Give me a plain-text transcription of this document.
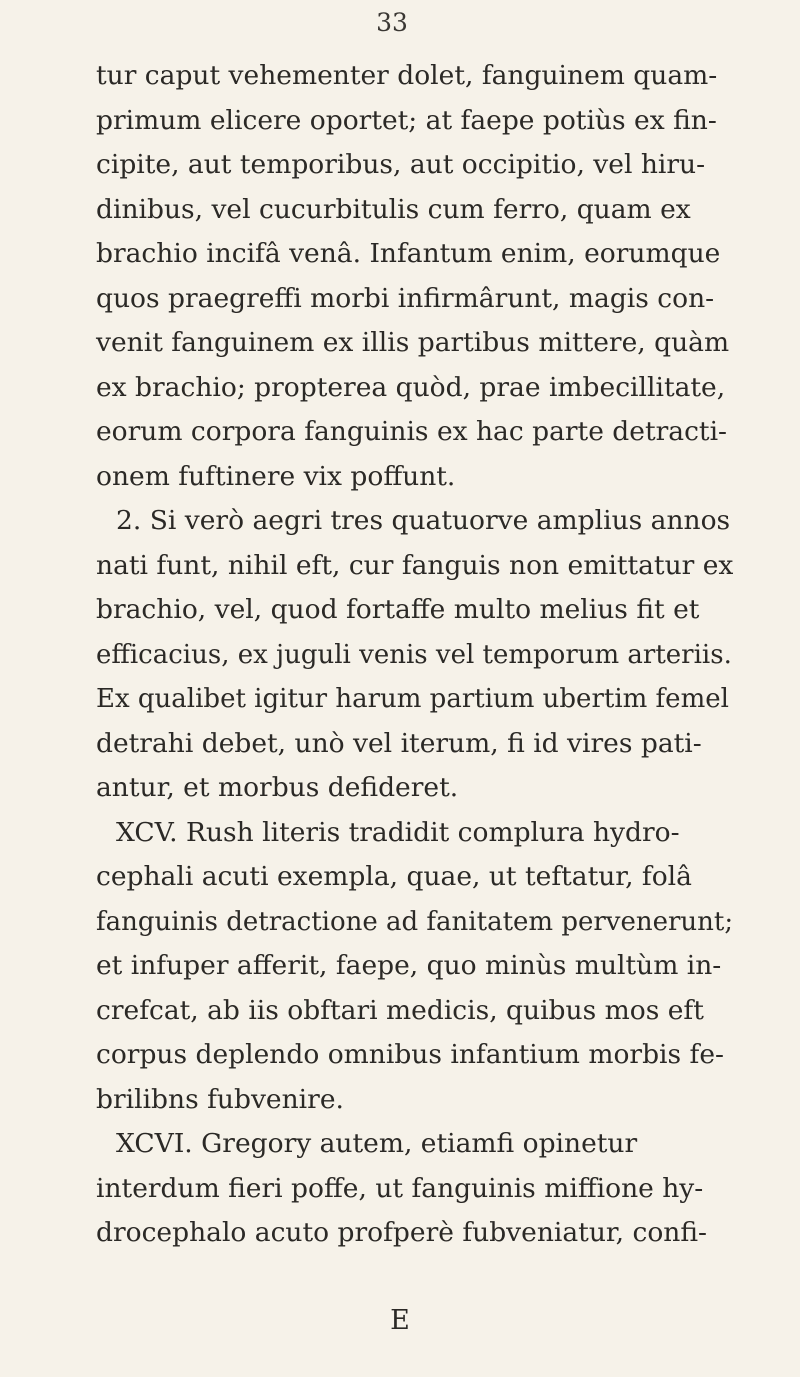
33
tur caput vehementer dolet, fanguinem quam-
primum elicere oportet; at faepe potiùs ex fin-
cipite, aut temporibus, aut occipitio, vel hiru-
dinibus, vel cucurbitulis cum ferro, quam ex
brachio incifâ venâ. Infantum enim, eorumque
quos praegreffi morbi infirmârunt, magis con-
venit fanguinem ex illis partibus mittere, quàm
ex brachio; propterea quòd, prae imbecillitate,
eorum corpora fanguinis ex hac parte detracti-
onem fuftinere vix poffunt.
2. Si verò aegri tres quatuorve amplius annos
nati funt, nihil eft, cur fanguis non emittatur ex
brachio, vel, quod fortaffe multo melius fit et
efficacius, ex juguli venis vel temporum arteriis.
Ex qualibet igitur harum partium ubertim femel
detrahi debet, unò vel iterum, fi id vires pati-
antur, et morbus defideret.
XCV. Rush literis tradidit complura hydro-
cephali acuti exempla, quae, ut teftatur, folâ
fanguinis detractione ad fanitatem pervenerunt;
et infuper afferit, faepe, quo minùs multùm in-
crefcat, ab iis obftari medicis, quibus mos eft
corpus deplendo omnibus infantium morbis fe-
brilibns fubvenire.
XCVI. Gregory autem, etiamfi opinetur
interdum fieri poffe, ut fanguinis miffione hy-
drocephalo acuto profperè fubveniatur, confi-
E
